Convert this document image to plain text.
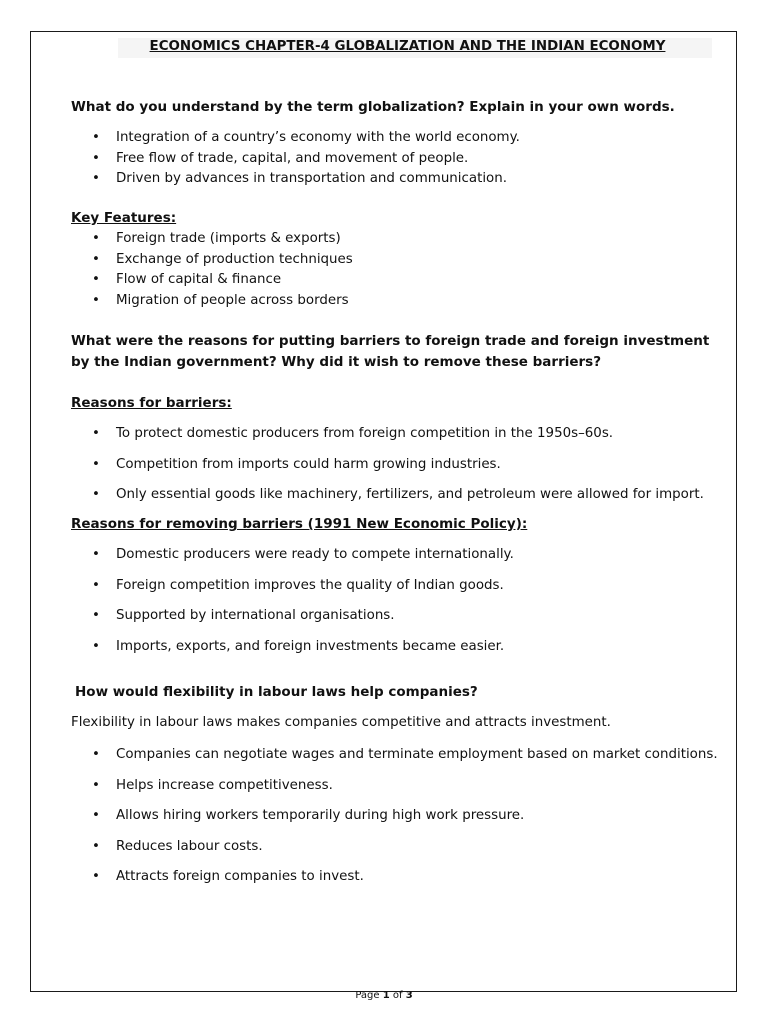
ECONOMICS CHAPTER-4 GLOBALIZATION AND THE INDIAN ECONOMY
What do you understand by the term globalization? Explain in your own words.
• Integration of a country’s economy with the world economy.
• Free flow of trade, capital, and movement of people.
• Driven by advances in transportation and communication.
Key Features:
• Foreign trade (imports & exports)
• Exchange of production techniques
• Flow of capital & finance
• Migration of people across borders
What were the reasons for putting barriers to foreign trade and foreign investment
by the Indian government? Why did it wish to remove these barriers?
Reasons for barriers:
• To protect domestic producers from foreign competition in the 1950s–60s.
• Competition from imports could harm growing industries.
• Only essential goods like machinery, fertilizers, and petroleum were allowed for import.
Reasons for removing barriers (1991 New Economic Policy):
• Domestic producers were ready to compete internationally.
• Foreign competition improves the quality of Indian goods.
• Supported by international organisations.
• Imports, exports, and foreign investments became easier.
How would flexibility in labour laws help companies?
Flexibility in labour laws makes companies competitive and attracts investment.
• Companies can negotiate wages and terminate employment based on market conditions.
• Helps increase competitiveness.
• Allows hiring workers temporarily during high work pressure.
• Reduces labour costs.
• Attracts foreign companies to invest.
Page 1 of 3
